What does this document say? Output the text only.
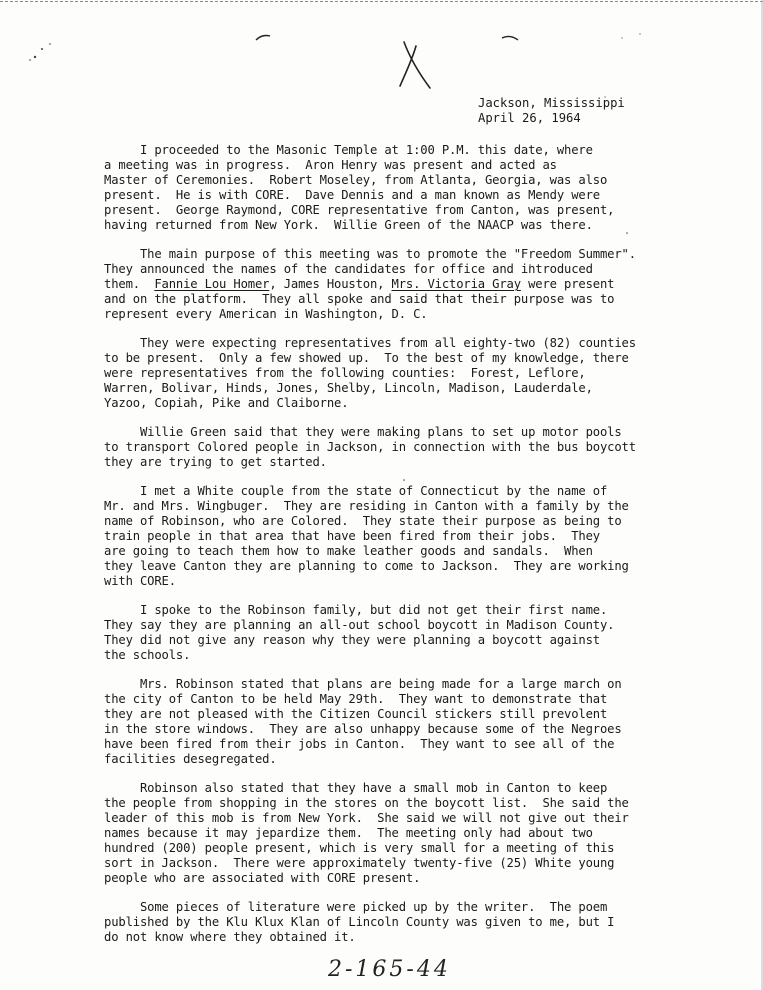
Jackson, Mississippi
April 26, 1964
I proceeded to the Masonic Temple at 1:00 P.M. this date, where
a meeting was in progress.  Aron Henry was present and acted as
Master of Ceremonies.  Robert Moseley, from Atlanta, Georgia, was also
present.  He is with CORE.  Dave Dennis and a man known as Mendy were
present.  George Raymond, CORE representative from Canton, was present,
having returned from New York.  Willie Green of the NAACP was there.
The main purpose of this meeting was to promote the "Freedom Summer".
They announced the names of the candidates for office and introduced
them.  Fannie Lou Homer, James Houston, Mrs. Victoria Gray were present
and on the platform.  They all spoke and said that their purpose was to
represent every American in Washington, D. C.
They were expecting representatives from all eighty-two (82) counties
to be present.  Only a few showed up.  To the best of my knowledge, there
were representatives from the following counties:  Forest, Leflore,
Warren, Bolivar, Hinds, Jones, Shelby, Lincoln, Madison, Lauderdale,
Yazoo, Copiah, Pike and Claiborne.
Willie Green said that they were making plans to set up motor pools
to transport Colored people in Jackson, in connection with the bus boycott
they are trying to get started.
I met a White couple from the state of Connecticut by the name of
Mr. and Mrs. Wingbuger.  They are residing in Canton with a family by the
name of Robinson, who are Colored.  They state their purpose as being to
train people in that area that have been fired from their jobs.  They
are going to teach them how to make leather goods and sandals.  When
they leave Canton they are planning to come to Jackson.  They are working
with CORE.
I spoke to the Robinson family, but did not get their first name.
They say they are planning an all-out school boycott in Madison County.
They did not give any reason why they were planning a boycott against
the schools.
Mrs. Robinson stated that plans are being made for a large march on
the city of Canton to be held May 29th.  They want to demonstrate that
they are not pleased with the Citizen Council stickers still prevolent
in the store windows.  They are also unhappy because some of the Negroes
have been fired from their jobs in Canton.  They want to see all of the
facilities desegregated.
Robinson also stated that they have a small mob in Canton to keep
the people from shopping in the stores on the boycott list.  She said the
leader of this mob is from New York.  She said we will not give out their
names because it may jepardize them.  The meeting only had about two
hundred (200) people present, which is very small for a meeting of this
sort in Jackson.  There were approximately twenty-five (25) White young
people who are associated with CORE present.
Some pieces of literature were picked up by the writer.  The poem
published by the Klu Klux Klan of Lincoln County was given to me, but I
do not know where they obtained it.
2-165-44
